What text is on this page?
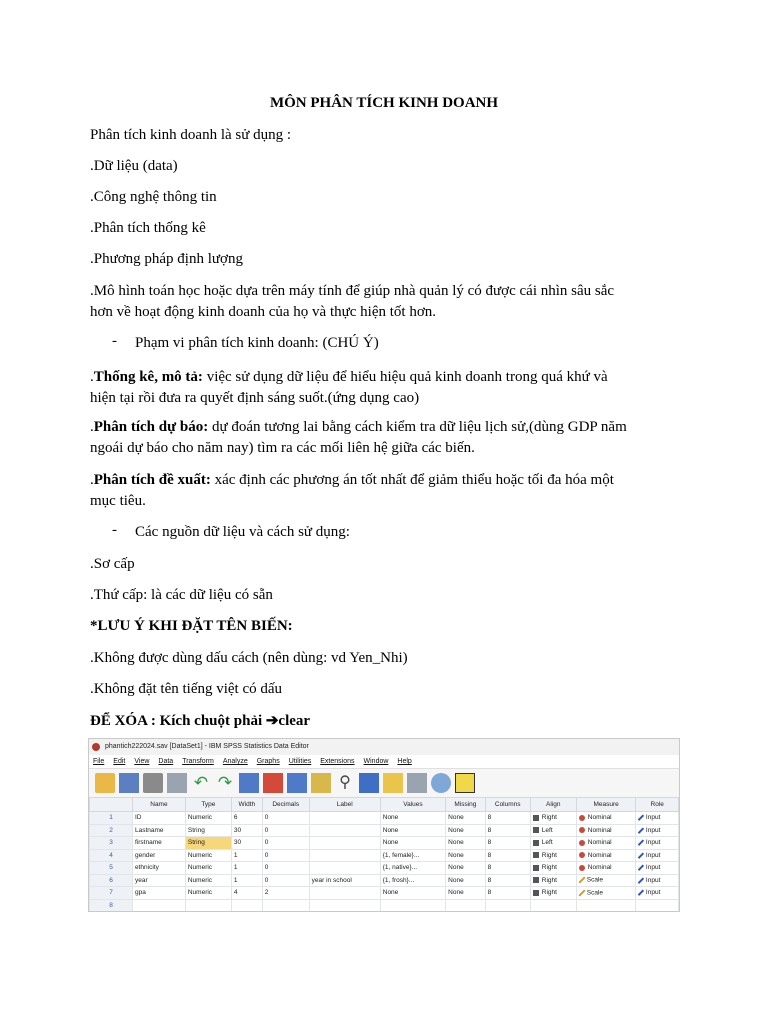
MÔN PHÂN TÍCH KINH DOANH
Phân tích kinh doanh là sử dụng :
.Dữ liệu (data)
.Công nghệ thông tin
.Phân tích thống kê
.Phương pháp định lượng
.Mô hình toán học hoặc dựa trên máy tính để giúp nhà quản lý có được cái nhìn sâu sắc
hơn về hoạt động kinh doanh của họ và thực hiện tốt hơn.
- Phạm vi phân tích kinh doanh: (CHÚ Ý)
.Thống kê, mô tả: việc sử dụng dữ liệu để hiểu hiệu quả kinh doanh trong quá khứ và
hiện tại rồi đưa ra quyết định sáng suốt.(ứng dụng cao)
.Phân tích dự báo: dự đoán tương lai bằng cách kiểm tra dữ liệu lịch sử,(dùng GDP năm
ngoái dự báo cho năm nay) tìm ra các mối liên hệ giữa các biến.
.Phân tích đề xuất: xác định các phương án tốt nhất để giảm thiểu hoặc tối đa hóa một
mục tiêu.
- Các nguồn dữ liệu và cách sử dụng:
.Sơ cấp
.Thứ cấp: là các dữ liệu có sẵn
*LƯU Ý KHI ĐẶT TÊN BIẾN:
.Không được dùng dấu cách (nên dùng: vd Yen_Nhi)
.Không đặt tên tiếng việt có dấu
ĐỂ XÓA : Kích chuột phải ➔clear
phantich222024.sav [DataSet1] - IBM SPSS Statistics Data Editor
File Edit View Data Transform Analyze Graphs Utilities Extensions Window Help
↶ ↷	⚲
	Name	Type	Width	Decimals	Label	Values	Missing	Columns	Align	Measure	Role
1	ID	Numeric	6	0		None	None	8	Right	Nominal	Input
2	Lastname	String	30	0		None	None	8	Left	Nominal	Input
3	firstname	String	30	0		None	None	8	Left	Nominal	Input
4	gender	Numeric	1	0		{1, female}...	None	8	Right	Nominal	Input
5	ethnicity	Numeric	1	0		{1, native}...	None	8	Right	Nominal	Input
6	year	Numeric	1	0	year in school	{1, frosh}...	None	8	Right	Scale	Input
7	gpa	Numeric	4	2		None	None	8	Right	Scale	Input
8											
